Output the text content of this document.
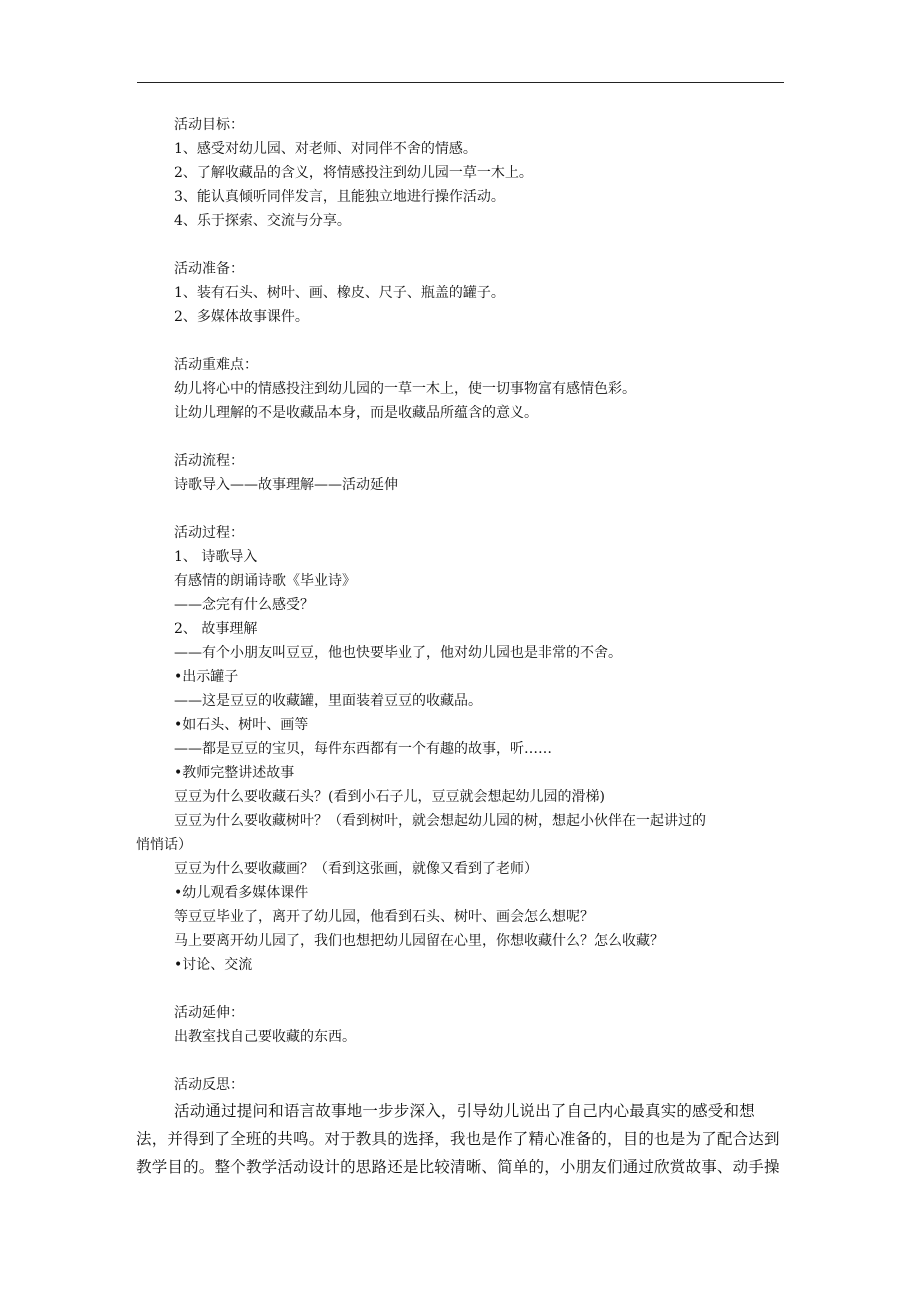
活动目标：
1、感受对幼儿园、对老师、对同伴不舍的情感。
2、了解收藏品的含义，将情感投注到幼儿园一草一木上。
3、能认真倾听同伴发言，且能独立地进行操作活动。
4、乐于探索、交流与分享。
活动准备：
1、装有石头、树叶、画、橡皮、尺子、瓶盖的罐子。
2、多媒体故事课件。
活动重难点：
幼儿将心中的情感投注到幼儿园的一草一木上，使一切事物富有感情色彩。
让幼儿理解的不是收藏品本身，而是收藏品所蕴含的意义。
活动流程：
诗歌导入——故事理解——活动延伸
活动过程：
1、 诗歌导入
有感情的朗诵诗歌《毕业诗》
——念完有什么感受？
2、 故事理解
——有个小朋友叫豆豆，他也快要毕业了，他对幼儿园也是非常的不舍。
•出示罐子
——这是豆豆的收藏罐，里面装着豆豆的收藏品。
•如石头、树叶、画等
——都是豆豆的宝贝，每件东西都有一个有趣的故事，听……
•教师完整讲述故事
豆豆为什么要收藏石头？(看到小石子儿，豆豆就会想起幼儿园的滑梯)
豆豆为什么要收藏树叶？（看到树叶，就会想起幼儿园的树，想起小伙伴在一起讲过的
悄悄话）
豆豆为什么要收藏画？（看到这张画，就像又看到了老师）
•幼儿观看多媒体课件
等豆豆毕业了，离开了幼儿园，他看到石头、树叶、画会怎么想呢？
马上要离开幼儿园了，我们也想把幼儿园留在心里，你想收藏什么？怎么收藏？
•讨论、交流
活动延伸：
出教室找自己要收藏的东西。
活动反思：
活动通过提问和语言故事地一步步深入，引导幼儿说出了自己内心最真实的感受和想法，并得到了全班的共鸣。对于教具的选择，我也是作了精心准备的，目的也是为了配合达到教学目的。整个教学活动设计的思路还是比较清晰、简单的，小朋友们通过欣赏故事、动手操
